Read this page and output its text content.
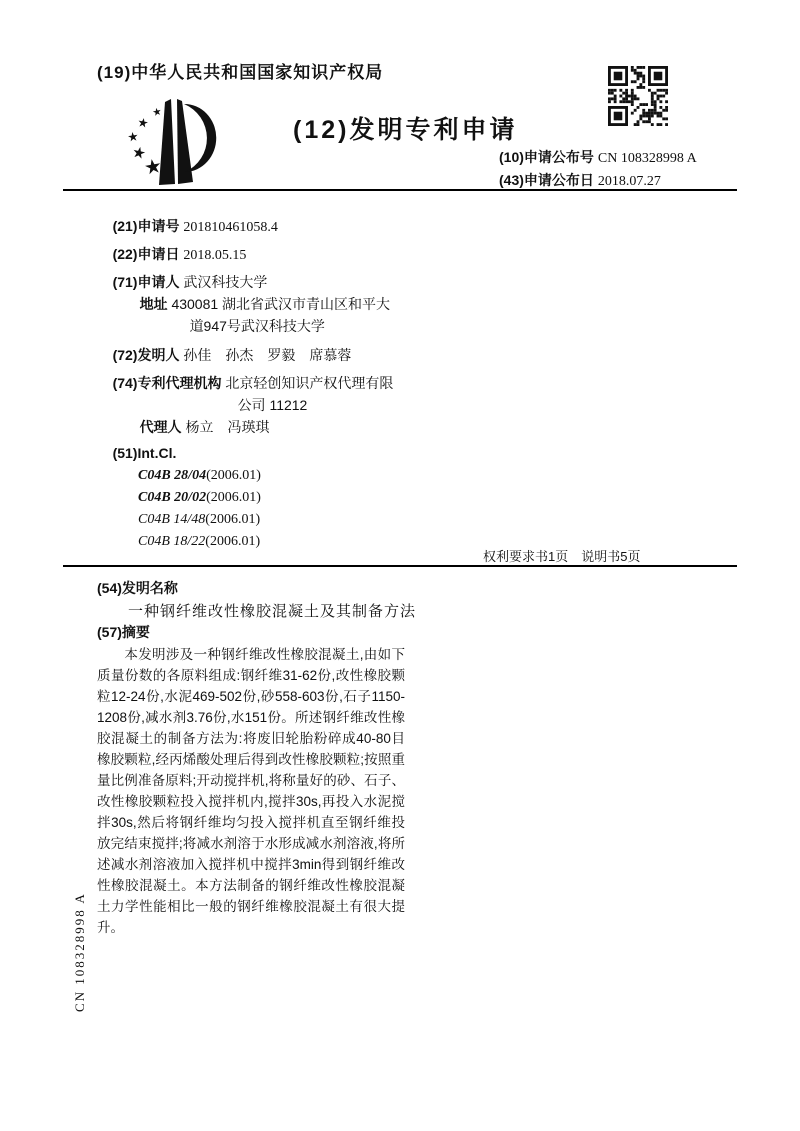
(19)中华人民共和国国家知识产权局
(12)发明专利申请
(10)申请公布号 CN 108328998 A
(43)申请公布日 2018.07.27

(21)申请号 201810461058.4

(22)申请日 2018.05.15

(71)申请人 武汉科技大学

地址 430081 湖北省武汉市青山区和平大

道947号武汉科技大学

(72)发明人 孙佳　孙杰　罗毅　席慕蓉

(74)专利代理机构 北京轻创知识产权代理有限

公司 11212

代理人 杨立　冯瑛琪

(51)Int.Cl.

C04B 28/04(2006.01)

C04B 20/02(2006.01)

C04B 14/48(2006.01)

C04B 18/22(2006.01)

权利要求书1页　说明书5页
(54)发明名称
一种钢纤维改性橡胶混凝土及其制备方法
(57)摘要
本发明涉及一种钢纤维改性橡胶混凝土,由如下质量份数的各原料组成:钢纤维31-62份,改性橡胶颗粒12-24份,水泥469-502份,砂558-603份,石子1150-1208份,减水剂3.76份,水151份。所述钢纤维改性橡胶混凝土的制备方法为:将废旧轮胎粉碎成40-80目橡胶颗粒,经丙烯酸处理后得到改性橡胶颗粒;按照重量比例准备原料;开动搅拌机,将称量好的砂、石子、改性橡胶颗粒投入搅拌机内,搅拌30s,再投入水泥搅拌30s,然后将钢纤维均匀投入搅拌机直至钢纤维投放完结束搅拌;将减水剂溶于水形成减水剂溶液,将所述减水剂溶液加入搅拌机中搅拌3min得到钢纤维改性橡胶混凝土。本方法制备的钢纤维改性橡胶混凝土力学性能相比一般的钢纤维橡胶混凝土有很大提升。
CN 108328998 A
